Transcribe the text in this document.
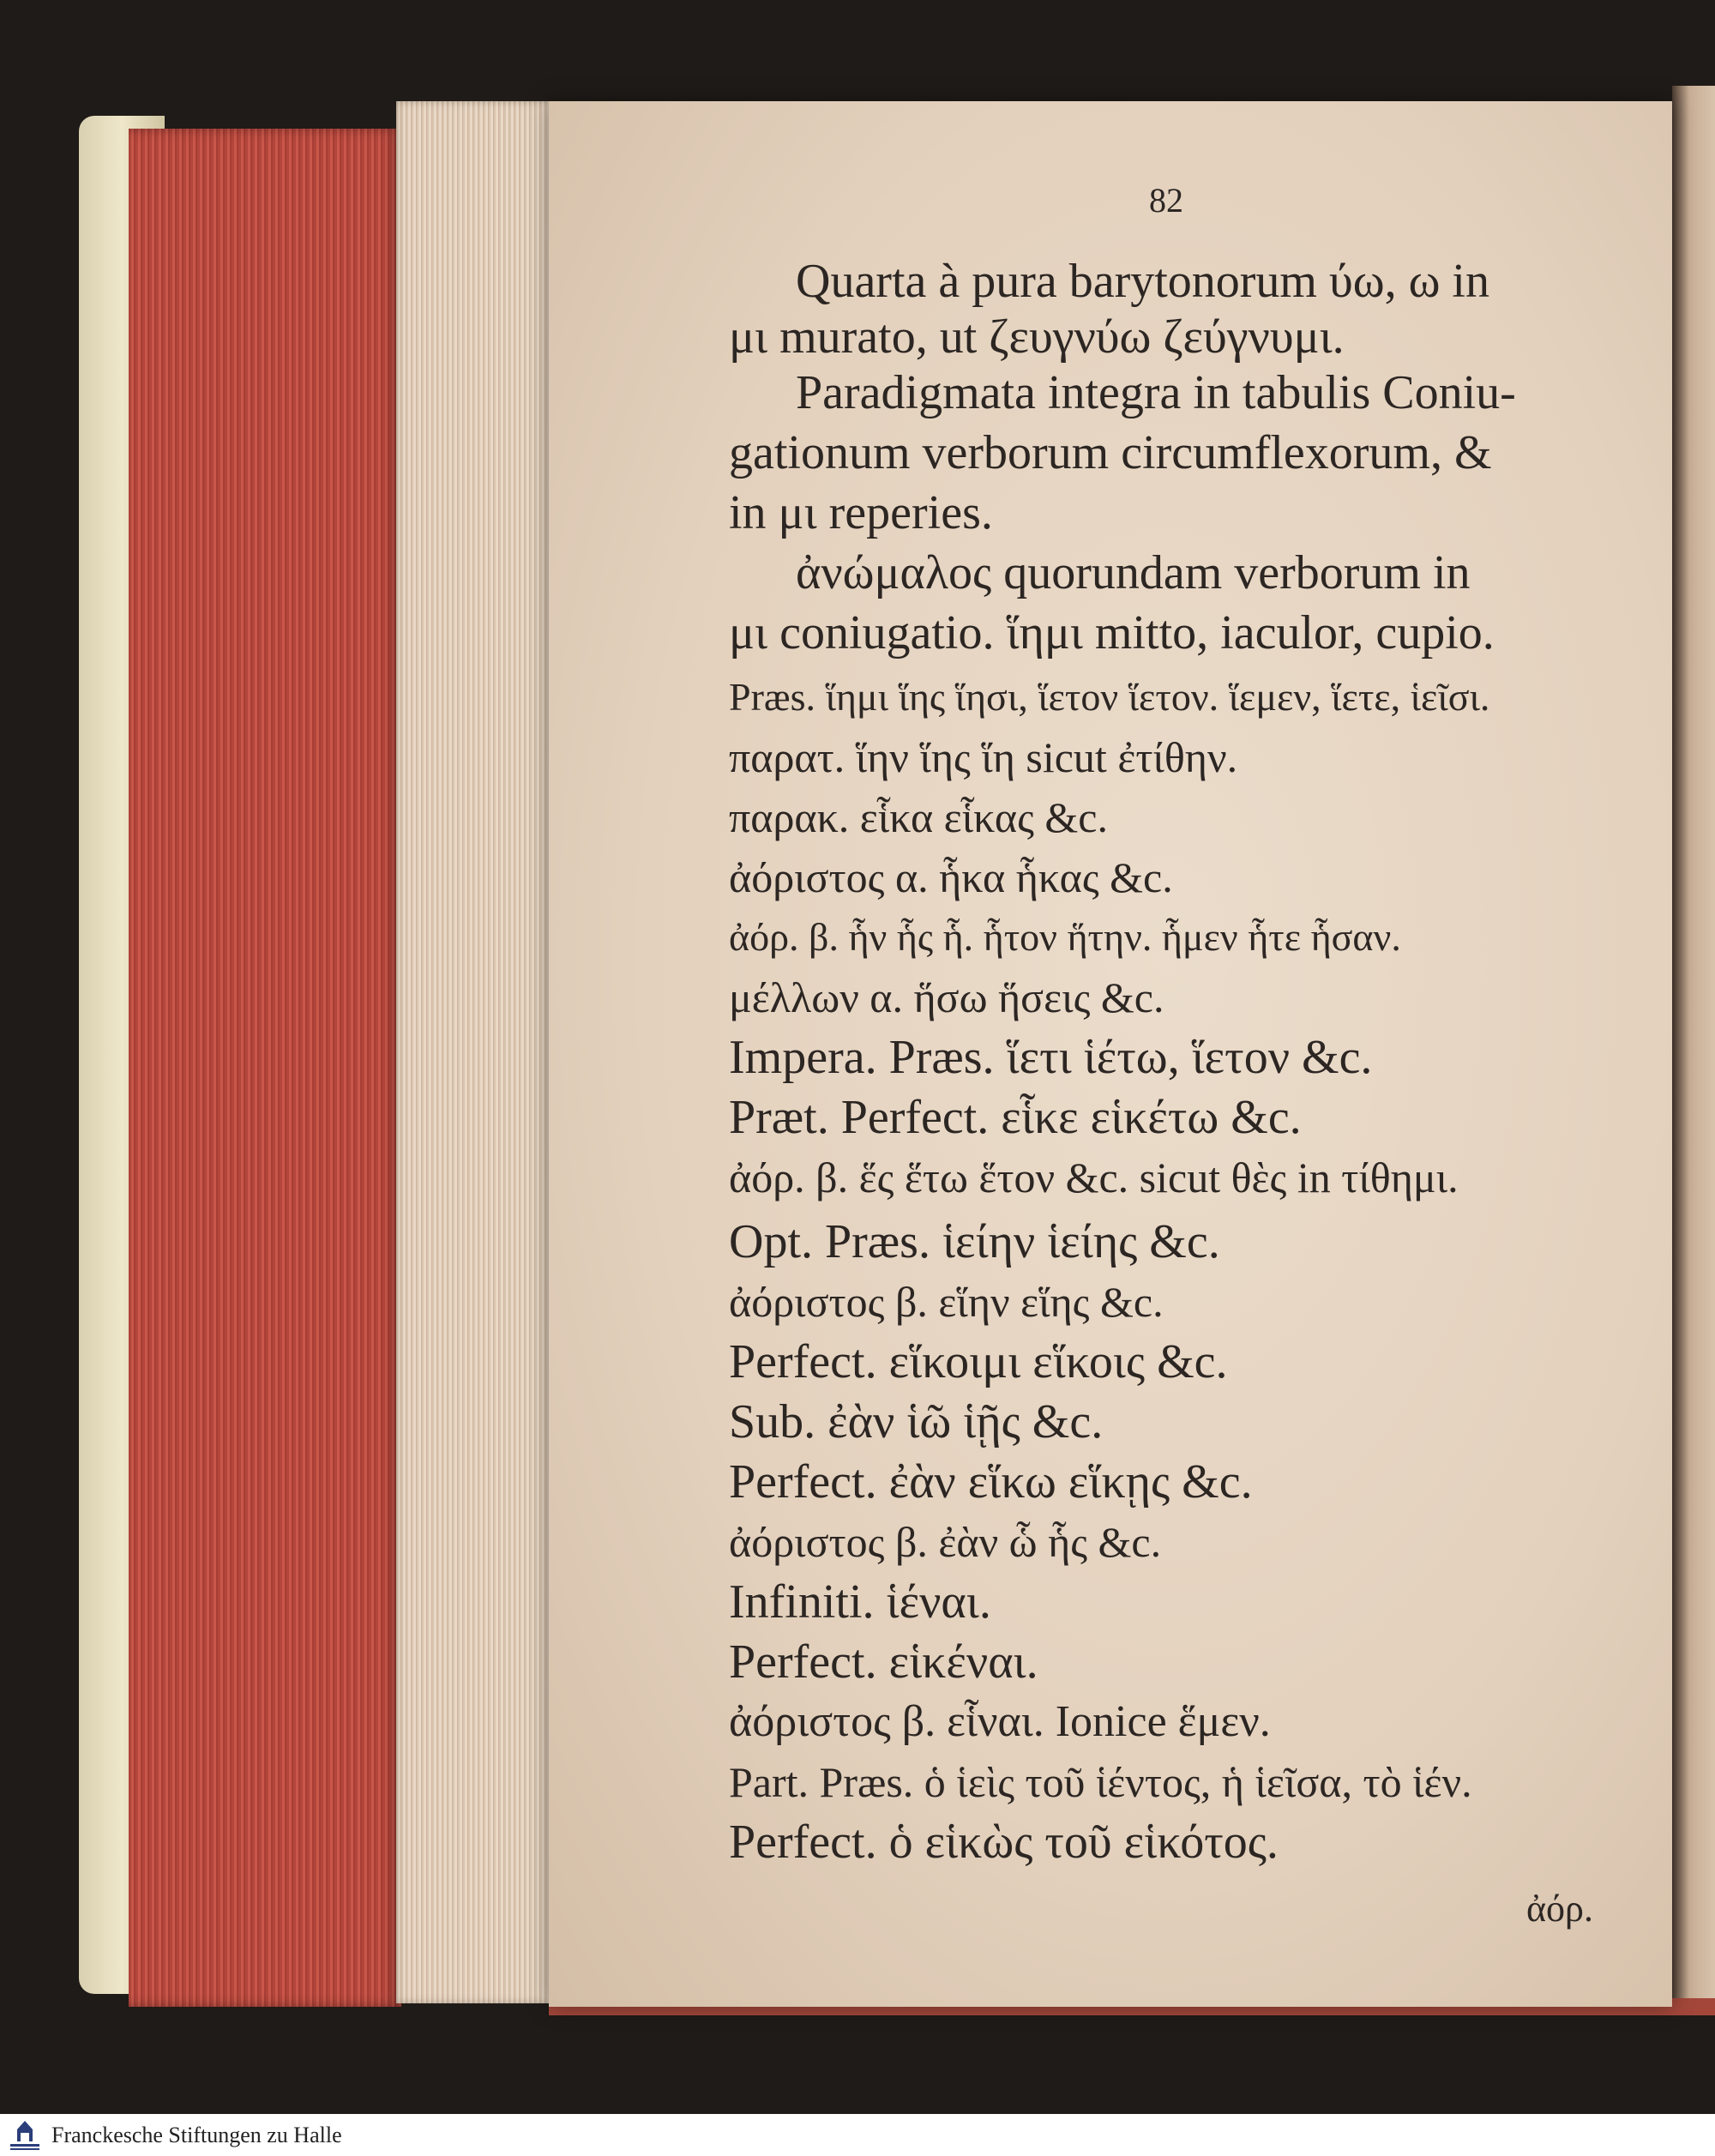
82
Quarta à pura barytonorum ύω, ω in
μι murato, ut ζευγνύω ζεύγνυμι.
Paradigmata integra in tabulis Coniu-
gationum verborum circumflexorum, &
in μι reperies.
ἀνώμαλος quorundam verborum in
μι coniugatio. ἵημι mitto, iaculor, cupio.
Præs. ἵημι ἵης ἵησι, ἵετον ἵετον. ἵεμεν, ἵετε, ἱεῖσι.
παρατ. ἵην ἵης ἵη sicut ἐτίθην.
παρακ. εἷκα εἷκας &c.
ἀόριστος α. ἧκα ἧκας &c.
ἀόρ. β. ἧν ἧς ἧ. ἧτον ἥτην. ἧμεν ἧτε ἧσαν.
μέλλων α. ἥσω ἥσεις &c.
Impera. Præs. ἵετι ἱέτω, ἵετον &c.
Præt. Perfect. εἷκε εἱκέτω &c.
ἀόρ. β. ἕς ἕτω ἕτον &c. sicut θὲς in τίθημι.
Opt. Præs. ἱείην ἱείης &c.
ἀόριστος β. εἵην εἵης &c.
Perfect. εἵκοιμι εἵκοις &c.
Sub. ἐὰν ἱῶ ἱῇς &c.
Perfect. ἐὰν εἵκω εἵκῃς &c.
ἀόριστος β. ἐὰν ὧ ἧς &c.
Infiniti. ἱέναι.
Perfect. εἱκέναι.
ἀόριστος β. εἷναι. Ionice ἕμεν.
Part. Præs. ὁ ἱεὶς τοῦ ἱέντος, ἡ ἱεῖσα, τὸ ἱέν.
Perfect. ὁ εἱκὼς τοῦ εἱκότος.
ἀόρ.
Franckesche Stiftungen zu Halle
